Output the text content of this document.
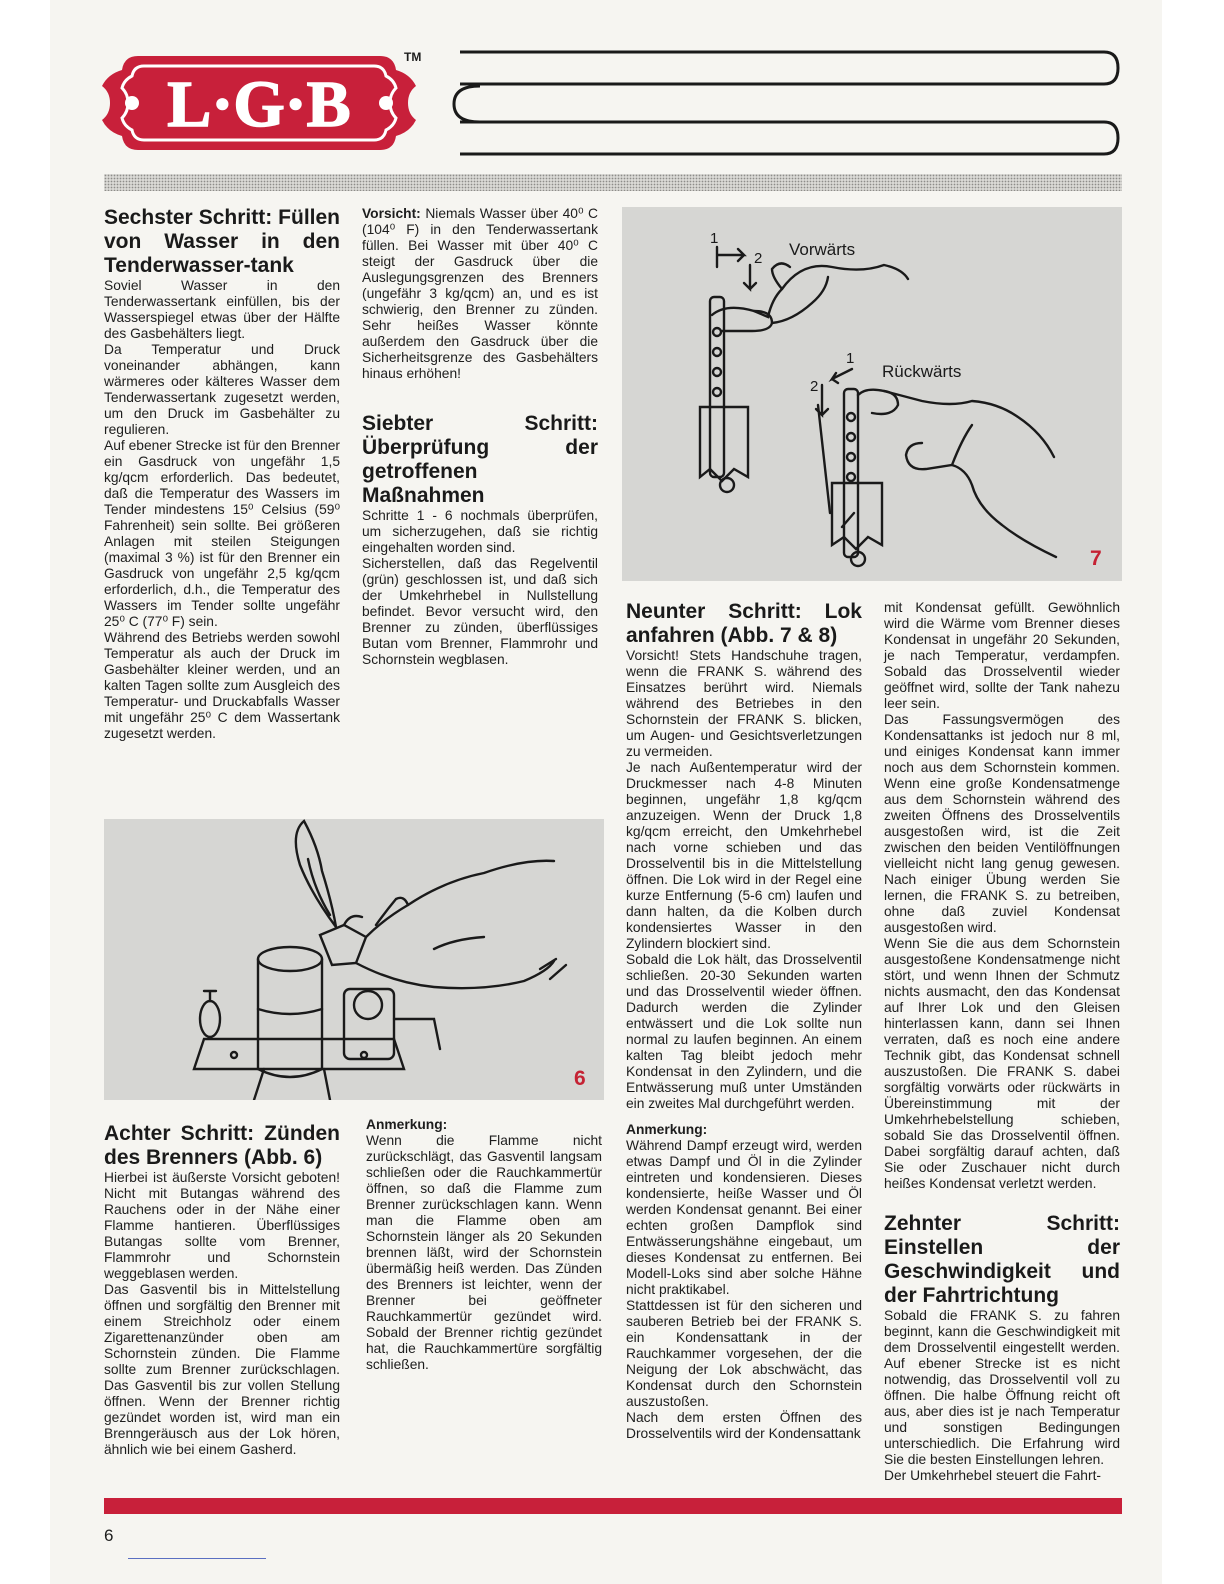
L·G·B
TM
Sechster Schritt: Füllen von Wasser in den Tenderwasser-tank

Soviel Wasser in den Tenderwassertank einfüllen, bis der Wasserspiegel etwas über der Hälfte des Gasbehälters liegt.

Da Temperatur und Druck voneinander abhängen, kann wärmeres oder kälteres Wasser dem Tenderwassertank zugesetzt werden, um den Druck im Gasbehälter zu regulieren.

Auf ebener Strecke ist für den Brenner ein Gasdruck von ungefähr 1,5 kg/qcm erforderlich. Das bedeutet, daß die Temperatur des Wassers im Tender mindestens 15⁰ Celsius (59⁰ Fahrenheit) sein sollte. Bei größeren Anlagen mit steilen Steigungen (maximal 3 %) ist für den Brenner ein Gasdruck von ungefähr 2,5 kg/qcm erforderlich, d.h., die Temperatur des Wassers im Tender sollte ungefähr 25⁰ C (77⁰ F) sein.

Während des Betriebs werden sowohl Temperatur als auch der Druck im Gasbehälter kleiner werden, und an kalten Tagen sollte zum Ausgleich des Temperatur- und Druckabfalls Wasser mit ungefähr 25⁰ C dem Wassertank zugesetzt werden.

Vorsicht: Niemals Wasser über 40⁰ C (104⁰ F) in den Tenderwassertank füllen. Bei Wasser mit über 40⁰ C steigt der Gasdruck über die Auslegungsgrenzen des Brenners (ungefähr 3 kg/qcm) an, und es ist schwierig, den Brenner zu zünden. Sehr heißes Wasser könnte außerdem den Gasdruck über die Sicherheitsgrenze des Gasbehälters hinaus erhöhen!

Siebter Schritt: Überprüfung der getroffenen Maßnahmen

Schritte 1 - 6 nochmals überprüfen, um sicherzugehen, daß sie richtig eingehalten worden sind.

Sicherstellen, daß das Regelventil (grün) geschlossen ist, und daß sich der Umkehrhebel in Nullstellung befindet. Bevor versucht wird, den Brenner zu zünden, überflüssiges Butan vom Brenner, Flammrohr und Schornstein wegblasen.

Vorwärts
Rückwärts
1
2
1
2
7
6
Neunter Schritt: Lok anfahren (Abb. 7 & 8)

Vorsicht! Stets Handschuhe tragen, wenn die FRANK S. während des Einsatzes berührt wird. Niemals während des Betriebes in den Schornstein der FRANK S. blicken, um Augen- und Gesichtsverletzungen zu vermeiden.

Je nach Außentemperatur wird der Druckmesser nach 4-8 Minuten beginnen, ungefähr 1,8 kg/qcm anzuzeigen. Wenn der Druck 1,8 kg/qcm erreicht, den Umkehrhebel nach vorne schieben und das Drosselventil bis in die Mittelstellung öffnen. Die Lok wird in der Regel eine kurze Entfernung (5-6 cm) laufen und dann halten, da die Kolben durch kondensiertes Wasser in den Zylindern blockiert sind.

Sobald die Lok hält, das Drosselventil schließen. 20-30 Sekunden warten und das Drosselventil wieder öffnen. Dadurch werden die Zylinder entwässert und die Lok sollte nun normal zu laufen beginnen. An einem kalten Tag bleibt jedoch mehr Kondensat in den Zylindern, und die Entwässerung muß unter Umständen ein zweites Mal durchgeführt werden.

Anmerkung:

Während Dampf erzeugt wird, werden etwas Dampf und Öl in die Zylinder eintreten und kondensieren. Dieses kondensierte, heiße Wasser und Öl werden Kondensat genannt. Bei einer echten großen Dampflok sind Entwässerungshähne eingebaut, um dieses Kondensat zu entfernen. Bei Modell-Loks sind aber solche Hähne nicht praktikabel.

Stattdessen ist für den sicheren und sauberen Betrieb bei der FRANK S. ein Kondensattank in der Rauchkammer vorgesehen, der die Neigung der Lok abschwächt, das Kondensat durch den Schornstein auszustoßen.

Nach dem ersten Öffnen des Drosselventils wird der Kondensattank

mit Kondensat gefüllt. Gewöhnlich wird die Wärme vom Brenner dieses Kondensat in ungefähr 20 Sekunden, je nach Temperatur, verdampfen. Sobald das Drosselventil wieder geöffnet wird, sollte der Tank nahezu leer sein.

Das Fassungsvermögen des Kondensattanks ist jedoch nur 8 ml, und einiges Kondensat kann immer noch aus dem Schornstein kommen. Wenn eine große Kondensatmenge aus dem Schornstein während des zweiten Öffnens des Drosselventils ausgestoßen wird, ist die Zeit zwischen den beiden Ventilöffnungen vielleicht nicht lang genug gewesen. Nach einiger Übung werden Sie lernen, die FRANK S. zu betreiben, ohne daß zuviel Kondensat ausgestoßen wird.

Wenn Sie die aus dem Schornstein ausgestoßene Kondensatmenge nicht stört, und wenn Ihnen der Schmutz nichts ausmacht, den das Kondensat auf Ihrer Lok und den Gleisen hinterlassen kann, dann sei Ihnen verraten, daß es noch eine andere Technik gibt, das Kondensat schnell auszustoßen. Die FRANK S. dabei sorgfältig vorwärts oder rückwärts in Übereinstimmung mit der Umkehrhebelstellung schieben, sobald Sie das Drosselventil öffnen. Dabei sorgfältig darauf achten, daß Sie oder Zuschauer nicht durch heißes Kondensat verletzt werden.

Zehnter Schritt: Einstellen der Geschwindigkeit und der Fahrtrichtung

Sobald die FRANK S. zu fahren beginnt, kann die Geschwindigkeit mit dem Drosselventil eingestellt werden. Auf ebener Strecke ist es nicht notwendig, das Drosselventil voll zu öffnen. Die halbe Öffnung reicht oft aus, aber dies ist je nach Temperatur und sonstigen Bedingungen unterschiedlich. Die Erfahrung wird Sie die besten Einstellungen lehren.

Der Umkehrhebel steuert die Fahrt-

Achter Schritt: Zünden des Brenners (Abb. 6)

Hierbei ist äußerste Vorsicht geboten! Nicht mit Butangas während des Rauchens oder in der Nähe einer Flamme hantieren. Überflüssiges Butangas sollte vom Brenner, Flammrohr und Schornstein weggeblasen werden.

Das Gasventil bis in Mittelstellung öffnen und sorgfältig den Brenner mit einem Streichholz oder einem Zigarettenanzünder oben am Schornstein zünden. Die Flamme sollte zum Brenner zurückschlagen. Das Gasventil bis zur vollen Stellung öffnen. Wenn der Brenner richtig gezündet worden ist, wird man ein Brenngeräusch aus der Lok hören, ähnlich wie bei einem Gasherd.

Anmerkung:

Wenn die Flamme nicht zurückschlägt, das Gasventil langsam schließen oder die Rauchkammertür öffnen, so daß die Flamme zum Brenner zurückschlagen kann. Wenn man die Flamme oben am Schornstein länger als 20 Sekunden brennen läßt, wird der Schornstein übermäßig heiß werden. Das Zünden des Brenners ist leichter, wenn der Brenner bei geöffneter Rauchkammertür gezündet wird. Sobald der Brenner richtig gezündet hat, die Rauchkammertüre sorgfältig schließen.

6
